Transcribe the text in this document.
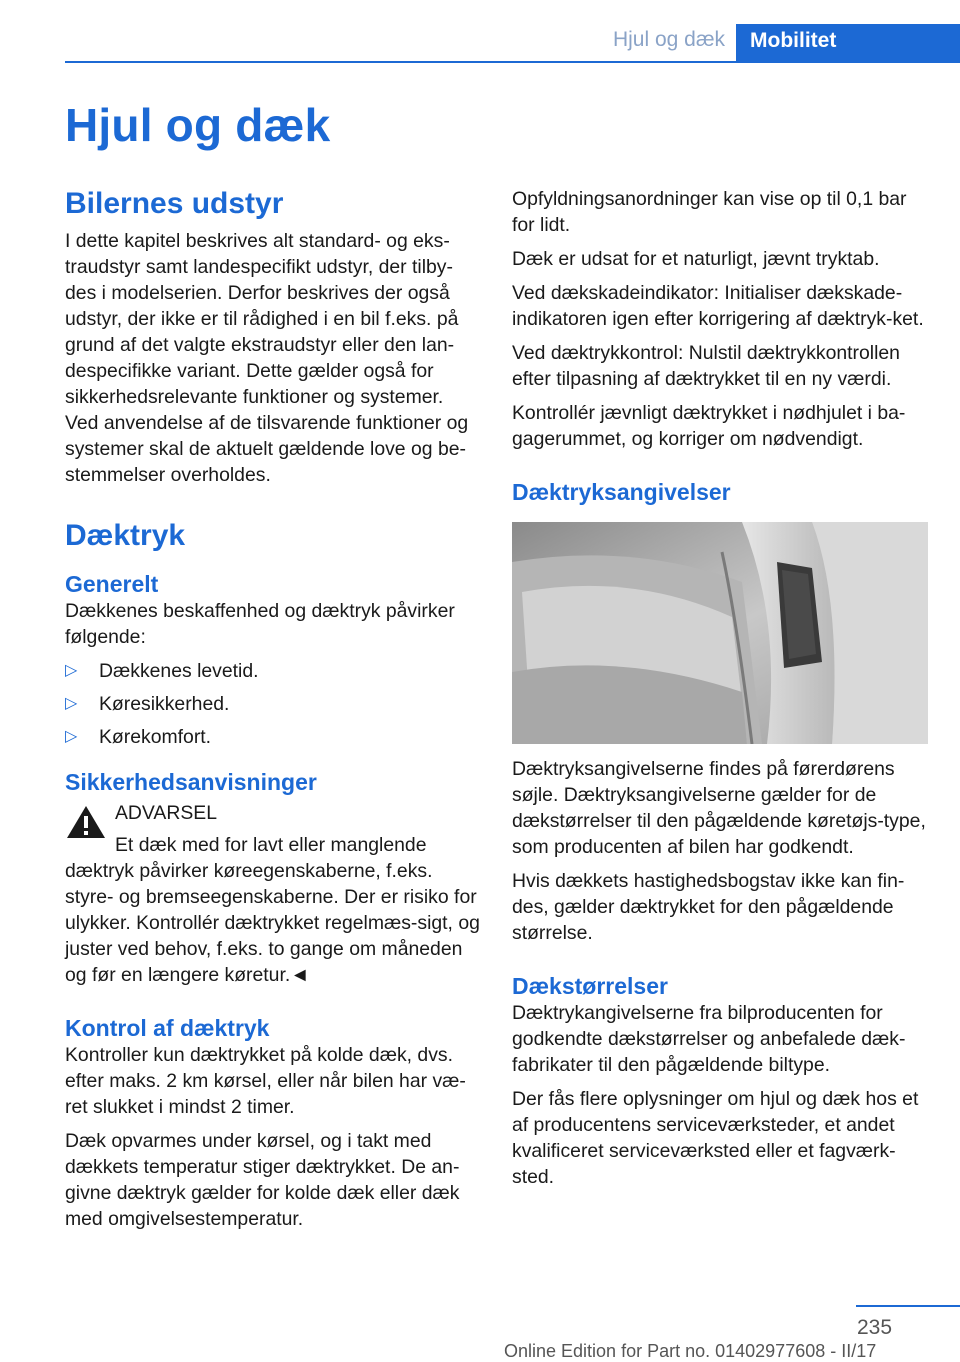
Hjul og dæk	Mobilitet
Hjul og dæk
Bilernes udstyr

I dette kapitel beskrives alt standard- og eks-traudstyr samt landespecifikt udstyr, der tilby-des i modelserien. Derfor beskrives der også udstyr, der ikke er til rådighed i en bil f.eks. på grund af det valgte ekstraudstyr eller den lan-despecifikke variant. Dette gælder også for sikkerhedsrelevante funktioner og systemer. Ved anvendelse af de tilsvarende funktioner og systemer skal de aktuelt gældende love og be-stemmelser overholdes.

Dæktryk
Generelt

Dækkenes beskaffenhed og dæktryk påvirker følgende:

▷ Dækkenes levetid.
▷ Køresikkerhed.
▷ Kørekomfort.
Sikkerhedsanvisninger
ADVARSEL

Et dæk med for lavt eller manglende dæktryk påvirker køreegenskaberne, f.eks. styre- og bremseegenskaberne. Der er risiko for ulykker. Kontrollér dæktrykket regelmæs-sigt, og juster ved behov, f.eks. to gange om måneden og før en længere køretur.◄

Kontrol af dæktryk

Kontroller kun dæktrykket på kolde dæk, dvs. efter maks. 2 km kørsel, eller når bilen har væ-ret slukket i mindst 2 timer.

Dæk opvarmes under kørsel, og i takt med dækkets temperatur stiger dæktrykket. De an-givne dæktryk gælder for kolde dæk eller dæk med omgivelsestemperatur.

Opfyldningsanordninger kan vise op til 0,1 bar for lidt.

Dæk er udsat for et naturligt, jævnt tryktab.

Ved dækskadeindikator: Initialiser dækskade-indikatoren igen efter korrigering af dæktryk-ket.

Ved dæktrykkontrol: Nulstil dæktrykkontrollen efter tilpasning af dæktrykket til en ny værdi.

Kontrollér jævnligt dæktrykket i nødhjulet i ba-gagerummet, og korriger om nødvendigt.

Dæktryksangivelser

Dæktryksangivelserne findes på førerdørens søjle. Dæktryksangivelserne gælder for de dækstørrelser til den pågældende køretøjs-type, som producenten af bilen har godkendt.

Hvis dækkets hastighedsbogstav ikke kan fin-des, gælder dæktrykket for den pågældende størrelse.

Dækstørrelser

Dæktrykangivelserne fra bilproducenten for godkendte dækstørrelser og anbefalede dæk-fabrikater til den pågældende biltype.

Der fås flere oplysninger om hjul og dæk hos et af producentens serviceværksteder, et andet kvalificeret serviceværksted eller et fagværk-sted.

235
Online Edition for Part no. 01402977608 - II/17
